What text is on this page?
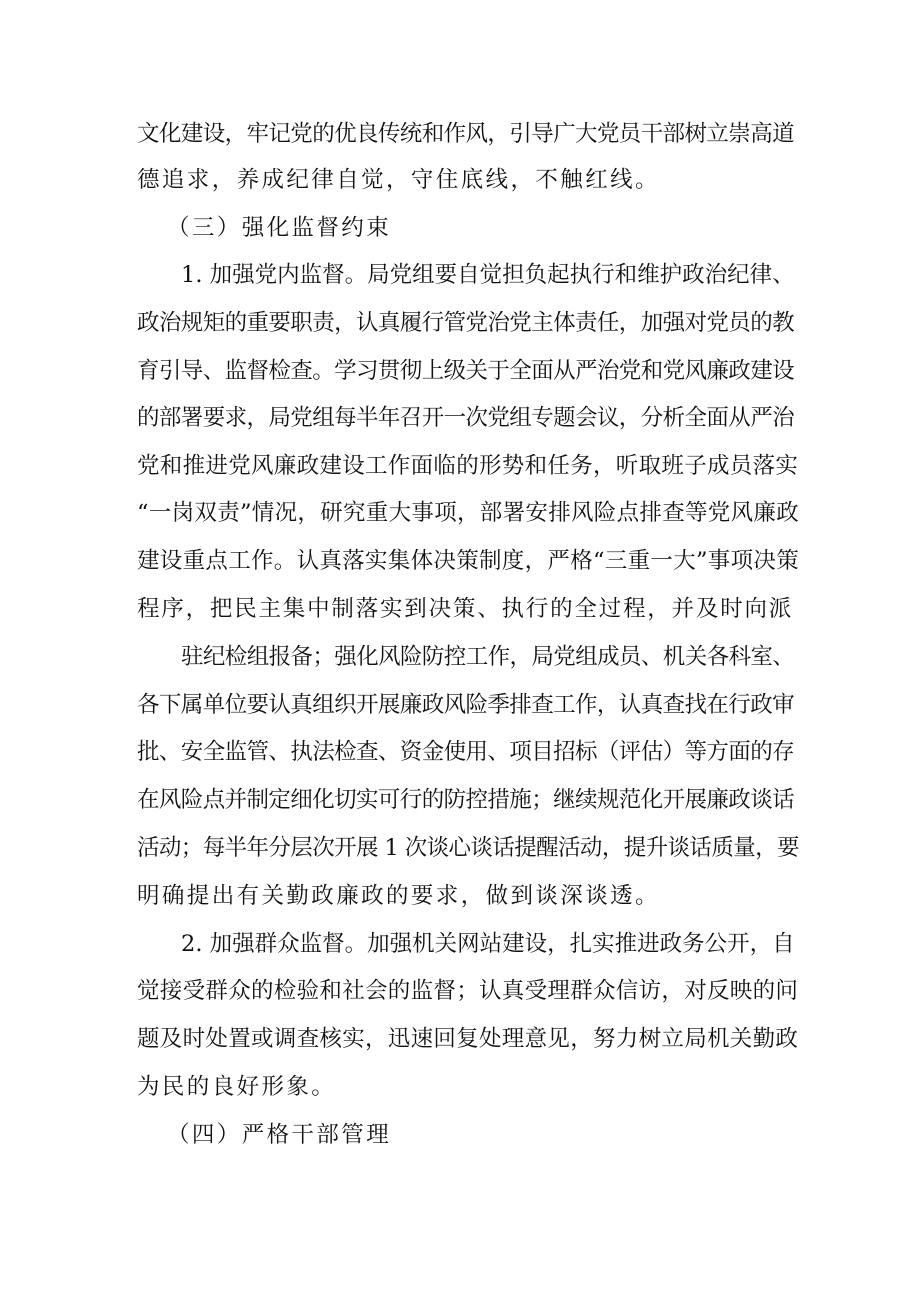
文化建设，牢记党的优良传统和作风，引导广大党员干部树立崇高道

德追求，养成纪律自觉，守住底线，不触红线。

（三）强化监督约束

1. 加强党内监督。局党组要自觉担负起执行和维护政治纪律、

政治规矩的重要职责，认真履行管党治党主体责任，加强对党员的教

育引导、监督检查。学习贯彻上级关于全面从严治党和党风廉政建设

的部署要求，局党组每半年召开一次党组专题会议，分析全面从严治

党和推进党风廉政建设工作面临的形势和任务，听取班子成员落实

“一岗双责”情况，研究重大事项，部署安排风险点排查等党风廉政

建设重点工作。认真落实集体决策制度，严格“三重一大”事项决策

程序，把民主集中制落实到决策、执行的全过程，并及时向派

驻纪检组报备；强化风险防控工作，局党组成员、机关各科室、

各下属单位要认真组织开展廉政风险季排查工作，认真查找在行政审

批、安全监管、执法检查、资金使用、项目招标（评估）等方面的存

在风险点并制定细化切实可行的防控措施；继续规范化开展廉政谈话

活动；每半年分层次开展 1 次谈心谈话提醒活动，提升谈话质量，要

明确提出有关勤政廉政的要求，做到谈深谈透。

2. 加强群众监督。加强机关网站建设，扎实推进政务公开，自

觉接受群众的检验和社会的监督；认真受理群众信访，对反映的问

题及时处置或调查核实，迅速回复处理意见，努力树立局机关勤政

为民的良好形象。

（四）严格干部管理
